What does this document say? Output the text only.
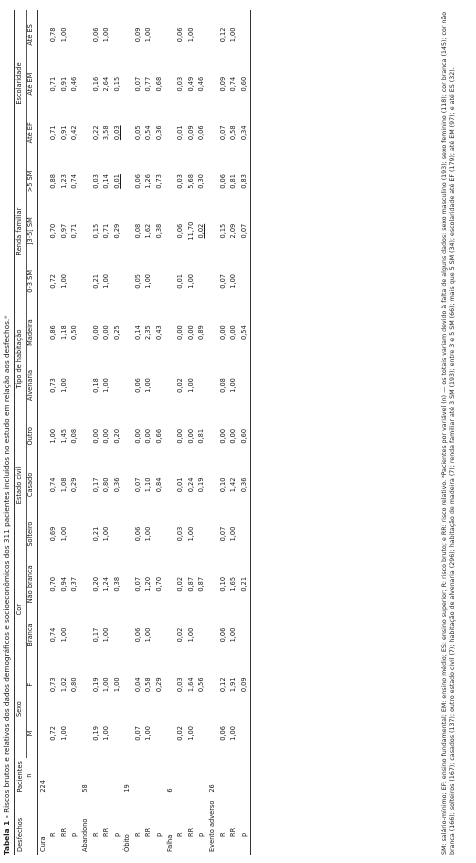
Tabela 1 - Riscos brutos e relativos dos dados demográficos e socioeconômicos dos 311 pacientes incluídos no estudo em relação aos desfechos.ᵃ
Desfechos	Pacientes	Sexo		Cor		Estado civil			Tipo de habitação		Renda familiar			Escolaridade		
	n	M	F	Branca	Não branca	Solteiro	Casado	Outro	Alvenaria	Madeira	0-3 SM	]3-5[ SM	>5 SM	Até EF	Até EM	Até ES
Cura	224															
R		0,72	0,73	0,74	0,70	0,69	0,74	1,00	0,73	0,86	0,72	0,70	0,88	0,71	0,71	0,78
RR		1,00	1,02	1,00	0,94	1,00	1,08	1,45	1,00	1,18	1,00	0,97	1,23	0,91	0,91	1,00
p			0,80		0,37		0,29	0,08		0,50		0,71	0,74	0,42	0,46	
Abandono	58															
R		0,19	0,19	0,17	0,20	0,21	0,17	0,00	0,18	0,00	0,21	0,15	0,03	0,22	0,16	0,06
RR		1,00	1,00	1,00	1,24	1,00	0,80	0,00	1,00	0,00	1,00	0,71	0,14	3,58	2,64	1,00
p			1,00		0,38		0,36	0,20		0,25		0,29	0,01	0,03	0,15	
Óbito	19															
R		0,07	0,04	0,06	0,07	0,06	0,07	0,00	0,06	0,14	0,05	0,08	0,06	0,05	0,07	0,09
RR		1,00	0,58	1,00	1,20	1,00	1,10	0,00	1,00	2,35	1,00	1,62	1,26	0,54	0,77	1,00
p			0,29		0,70		0,84	0,66		0,43		0,38	0,73	0,36	0,68	
Falha	6															
R		0,02	0,03	0,02	0,02	0,03	0,01	0,00	0,02	0,00	0,01	0,06	0,03	0,01	0,03	0,06
RR		1,00	1,64	1,00	0,87	1,00	0,24	0,00	1,00	0,00	1,00	11,70	5,68	0,09	0,49	1,00
p			0,56		0,87		0,19	0,81		0,89		0,02	0,30	0,06	0,46	
Evento adverso	26															
R		0,06	0,12	0,06	0,10	0,07	0,10	0,00	0,08	0,00	0,07	0,15	0,06	0,07	0,09	0,12
RR		1,00	1,91	1,00	1,65	1,00	1,42	0,00	1,00	0,00	1,00	2,09	0,81	0,58	0,74	1,00
p			0,09		0,21		0,36	0,60		0,54		0,07	0,83	0,34	0,60		SM: salário-mínimo; EF: ensino fundamental; EM: ensino médio; ES: ensino superior; R: risco bruto; e RR: risco relativo. ᵃPacientes por variável (n) — os totais variam devido à falta de alguns dados: sexo masculino (193); sexo feminino (118); cor branca (145); cor não branca (166); solteiros (167); casados (137); outro estado civil (7); habitação de alvenaria (296); habitação de madeira (7); renda familiar até 3 SM (193); entre 3 e 5 SM (66); mais que 5 SM (34); escolaridade até EF (179); até EM (97); e até ES (32).
